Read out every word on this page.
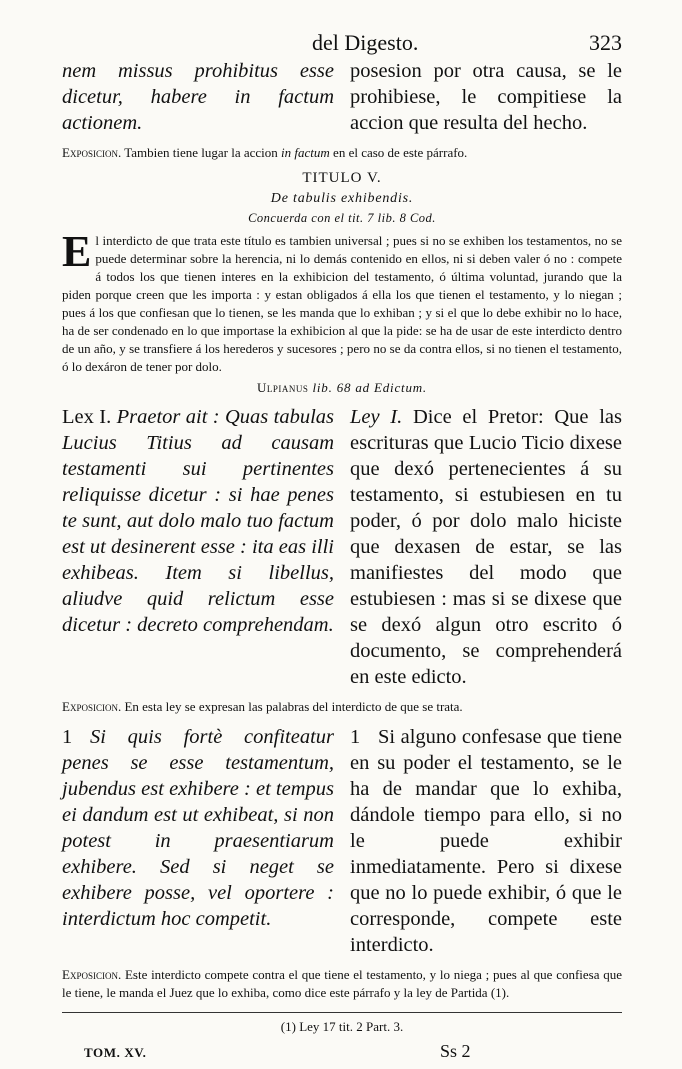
del Digesto.	323
nem missus prohibitus esse dicetur, habere in factum actionem.
posesion por otra causa, se le prohibiese, le compitiese la accion que resulta del hecho.
Exposicion. Tambien tiene lugar la accion in factum en el caso de este párrafo.
TITULO V.
De tabulis exhibendis.
Concuerda con el tit. 7 lib. 8 Cod.
E l interdicto de que trata este título es tambien universal ; pues si no se exhiben los testamentos, no se puede determinar sobre la herencia, ni lo demás contenido en ellos, ni si deben valer ó no : compete á todos los que tienen interes en la exhibicion del testamento, ó última voluntad, jurando que la piden porque creen que les importa : y estan obligados á ella los que tienen el testamento, y lo niegan ; pues á los que confiesan que lo tienen, se les manda que lo exhiban ; y si el que lo debe exhibir no lo hace, ha de ser condenado en lo que importase la exhibicion al que la pide: se ha de usar de este interdicto dentro de un año, y se transfiere á los herederos y sucesores ; pero no se da contra ellos, si no tienen el testamento, ó lo dexáron de tener por dolo.
Ulpianus lib. 68 ad Edictum.
Lex I. Praetor ait : Quas tabulas Lucius Titius ad causam testamenti sui pertinentes reliquisse dicetur : si hae penes te sunt, aut dolo malo tuo factum est ut desinerent esse : ita eas illi exhibeas. Item si libellus, aliudve quid relictum esse dicetur : decreto comprehendam.
Ley I. Dice el Pretor: Que las escrituras que Lucio Ticio dixese que dexó pertenecientes á su testamento, si estubiesen en tu poder, ó por dolo malo hiciste que dexasen de estar, se las manifiestes del modo que estubiesen : mas si se dixese que se dexó algun otro escrito ó documento, se comprehenderá en este edicto.
Exposicion. En esta ley se expresan las palabras del interdicto de que se trata.
1 Si quis fortè confiteatur penes se esse testamentum, jubendus est exhibere : et tempus ei dandum est ut exhibeat, si non potest in praesentiarum exhibere. Sed si neget se exhibere posse, vel oportere : interdictum hoc competit.
1 Si alguno confesase que tiene en su poder el testamento, se le ha de mandar que lo exhiba, dándole tiempo para ello, si no le puede exhibir inmediatamente. Pero si dixese que no lo puede exhibir, ó que le corresponde, compete este interdicto.
Exposicion. Este interdicto compete contra el que tiene el testamento, y lo niega ; pues al que confiesa que le tiene, le manda el Juez que lo exhiba, como dice este párrafo y la ley de Partida (1).
(1) Ley 17 tit. 2 Part. 3.
TOM. XV.	Ss 2
